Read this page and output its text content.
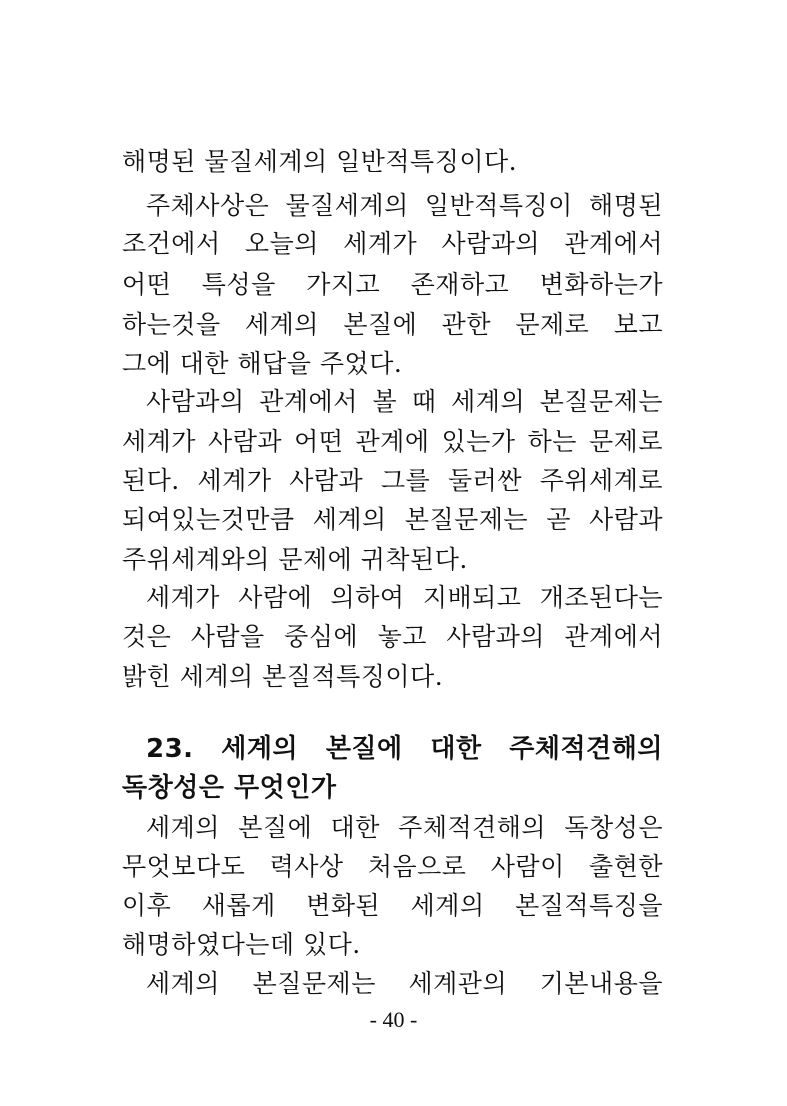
해명된 물질세계의 일반적특징이다.
주체사상은 물질세계의 일반적특징이 해명된
조건에서 오늘의 세계가 사람과의 관계에서
어떤 특성을 가지고 존재하고 변화하는가
하는것을 세계의 본질에 관한 문제로 보고
그에 대한 해답을 주었다.
사람과의 관계에서 볼 때 세계의 본질문제는
세계가 사람과 어떤 관계에 있는가 하는 문제로
된다. 세계가 사람과 그를 둘러싼 주위세계로
되여있는것만큼 세계의 본질문제는 곧 사람과
주위세계와의 문제에 귀착된다.
세계가 사람에 의하여 지배되고 개조된다는
것은 사람을 중심에 놓고 사람과의 관계에서
밝힌 세계의 본질적특징이다.
23. 세계의 본질에 대한 주체적견해의
독창성은 무엇인가
세계의 본질에 대한 주체적견해의 독창성은
무엇보다도 력사상 처음으로 사람이 출현한
이후 새롭게 변화된 세계의 본질적특징을
해명하였다는데 있다.
세계의 본질문제는 세계관의 기본내용을
- 40 -
